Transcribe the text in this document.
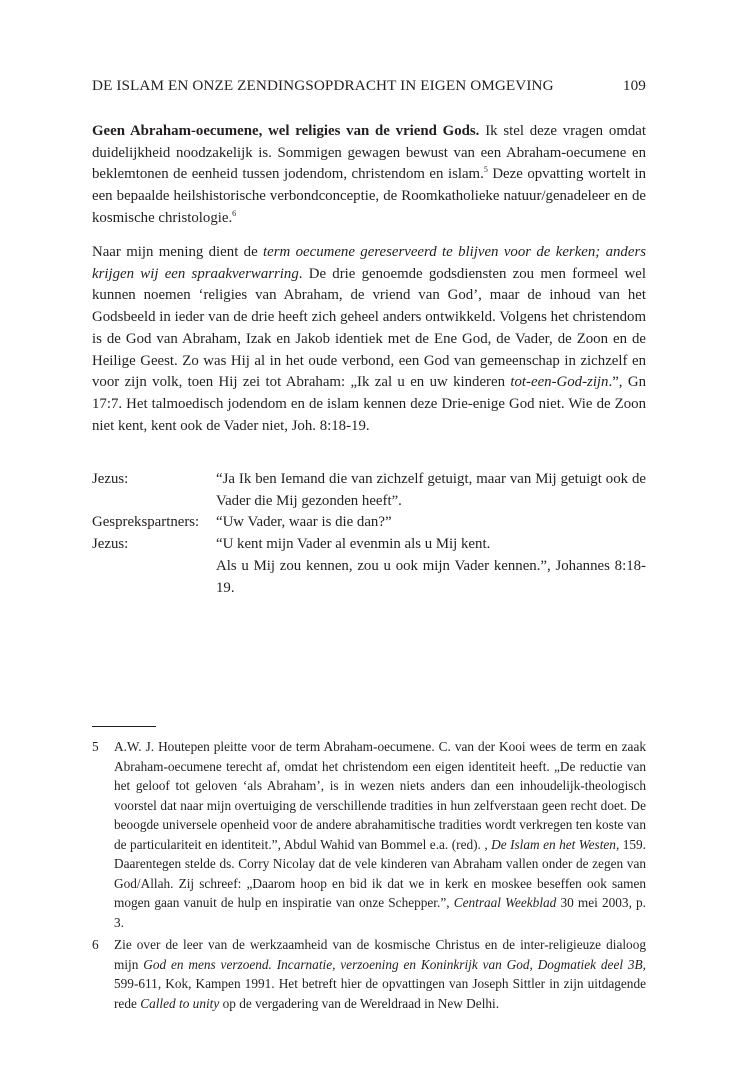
DE ISLAM EN ONZE ZENDINGSOPDRACHT IN EIGEN OMGEVING	109

Geen Abraham-oecumene, wel religies van de vriend Gods. Ik stel deze vragen omdat duidelijkheid noodzakelijk is. Sommigen gewagen bewust van een Abraham-oecumene en beklemtonen de eenheid tussen jodendom, christendom en islam.$^5$ Deze opvatting wortelt in een bepaalde heilshistorische verbondconceptie, de Roomkatholieke natuur/genadeleer en de kosmische christologie.$^6$

Naar mijn mening dient de term oecumene gereserveerd te blijven voor de kerken; anders krijgen wij een spraakverwarring. De drie genoemde godsdiensten zou men formeel wel kunnen noemen ‘religies van Abraham, de vriend van God’, maar de inhoud van het Godsbeeld in ieder van de drie heeft zich geheel anders ontwikkeld. Volgens het christendom is de God van Abraham, Izak en Jakob identiek met de Ene God, de Vader, de Zoon en de Heilige Geest. Zo was Hij al in het oude verbond, een God van gemeenschap in zichzelf en voor zijn volk, toen Hij zei tot Abraham: „Ik zal u en uw kinderen tot-een-God-zijn.”, Gn 17:7. Het talmoedisch jodendom en de islam kennen deze Drie-enige God niet. Wie de Zoon niet kent, kent ook de Vader niet, Joh. 8:18-19.

Jezus:	“Ja Ik ben Iemand die van zichzelf getuigt, maar van Mij getuigt ook de Vader die Mij gezonden heeft”.
Gesprekspartners: “Uw Vader, waar is die dan?”
Jezus:	“U kent mijn Vader al evenmin als u Mij kent.
Als u Mij zou kennen, zou u ook mijn Vader kennen.”, Johannes 8:18-19.
5 A.W. J. Houtepen pleitte voor de term Abraham-oecumene. C. van der Kooi wees de term en zaak Abraham-oecumene terecht af, omdat het christendom een eigen identiteit heeft. „De reductie van het geloof tot geloven ‘als Abraham’, is in wezen niets anders dan een inhoudelijk-theologisch voorstel dat naar mijn overtuiging de verschillende tradities in hun zelfverstaan geen recht doet. De beoogde universele openheid voor de andere abrahamitische tradities wordt verkregen ten koste van de particulariteit en identiteit.”, Abdul Wahid van Bommel e.a. (red). , De Islam en het Westen, 159. Daarentegen stelde ds. Corry Nicolay dat de vele kinderen van Abraham vallen onder de zegen van God/Allah. Zij schreef: „Daarom hoop en bid ik dat we in kerk en moskee beseffen ook samen mogen gaan vanuit de hulp en inspiratie van onze Schepper.”, Centraal Weekblad 30 mei 2003, p. 3.
6 Zie over de leer van de werkzaamheid van de kosmische Christus en de inter-religieuze dialoog mijn God en mens verzoend. Incarnatie, verzoening en Koninkrijk van God, Dogmatiek deel 3B, 599-611, Kok, Kampen 1991. Het betreft hier de opvattingen van Joseph Sittler in zijn uitdagende rede Called to unity op de vergadering van de Wereldraad in New Delhi.
